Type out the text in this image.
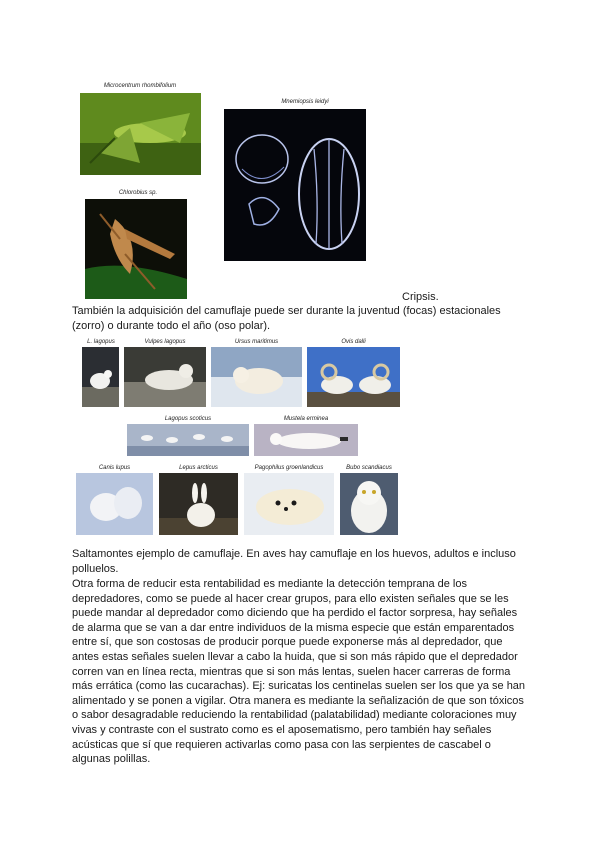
Microcentrum rhombifolium
Mnemiopsis leidyi
Chlorobius sp.
Cripsis.

También la adquisición del camuflaje puede ser durante la juventud (focas) estacionales (zorro) o durante todo el año (oso polar).

L. lagopus	Vulpes lagopus	Ursus maritimus	Ovis dalli
Lagopus scoticus	Mustela erminea
Canis lupus	Lepus arcticus	Pagophilus groenlandicus	Bubo scandiacus

Saltamontes ejemplo de camuflaje. En aves hay camuflaje en los huevos, adultos e incluso polluelos.

Otra forma de reducir esta rentabilidad es mediante la detección temprana de los depredadores, como se puede al hacer crear grupos, para ello existen señales que se les puede mandar al depredador como diciendo que ha perdido el factor sorpresa, hay señales de alarma que se van a dar entre individuos de la misma especie que están emparentados entre sí, que son costosas de producir porque puede exponerse más al depredador, que antes estas señales suelen llevar a cabo la huida, que si son más rápido que el depredador corren van en línea recta, mientras que si son más lentas, suelen hacer carreras de forma más errática (como las cucarachas). Ej: suricatas los centinelas suelen ser los que ya se han alimentado y se ponen a vigilar. Otra manera es mediante la señalización de que son tóxicos o sabor desagradable reduciendo la rentabilidad (palatabilidad) mediante coloraciones muy vivas y contraste con el sustrato como es el aposematismo, pero también hay señales acústicas que sí que requieren activarlas como pasa con las serpientes de cascabel o algunas polillas.
